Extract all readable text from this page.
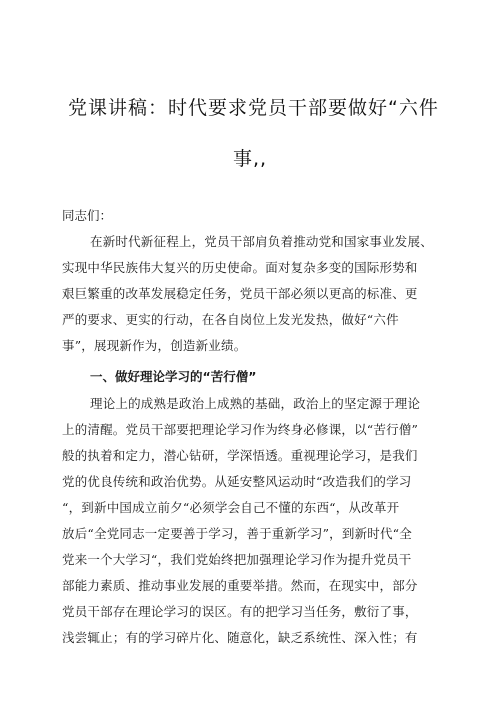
党课讲稿：时代要求党员干部要做好“六件
事,,
同志们：
在新时代新征程上，党员干部肩负着推动党和国家事业发展、
实现中华民族伟大复兴的历史使命。面对复杂多变的国际形势和
艰巨繁重的改革发展稳定任务，党员干部必须以更高的标准、更
严的要求、更实的行动，在各自岗位上发光发热，做好“六件
事”，展现新作为，创造新业绩。
一、做好理论学习的“苦行僧”
理论上的成熟是政治上成熟的基础，政治上的坚定源于理论
上的清醒。党员干部要把理论学习作为终身必修课，以“苦行僧”
般的执着和定力，潜心钻研，学深悟透。重视理论学习，是我们
党的优良传统和政治优势。从延安整风运动时“改造我们的学习
“，到新中国成立前夕“必须学会自己不懂的东西“，从改革开
放后“全党同志一定要善于学习，善于重新学习”，到新时代“全
党来一个大学习“，我们党始终把加强理论学习作为提升党员干
部能力素质、推动事业发展的重要举措。然而，在现实中，部分
党员干部存在理论学习的误区。有的把学习当任务，敷衍了事，
浅尝辄止；有的学习碎片化、随意化，缺乏系统性、深入性；有
